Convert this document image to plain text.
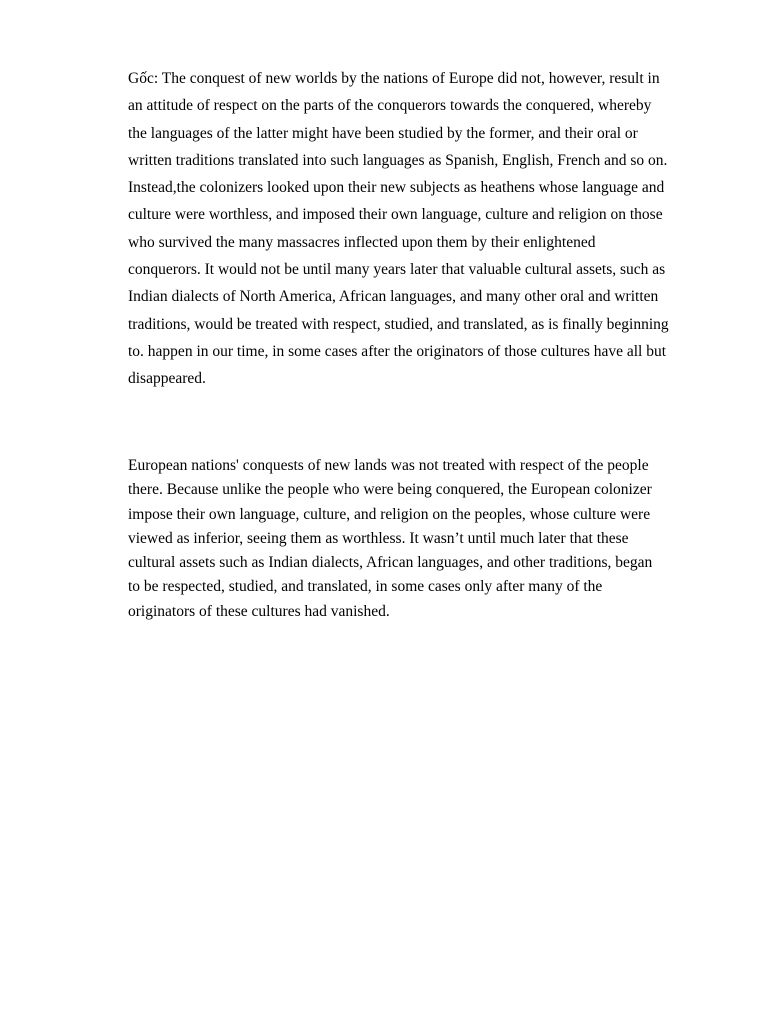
Gốc: The conquest of new worlds by the nations of Europe did not, however, result in
an attitude of respect on the parts of the conquerors towards the conquered, whereby
the languages of the latter might have been studied by the former, and their oral or
written traditions translated into such languages as Spanish, English, French and so on.
Instead,the colonizers looked upon their new subjects as heathens whose language and
culture were worthless, and imposed their own language, culture and religion on those
who survived the many massacres inflected upon them by their enlightened
conquerors. It would not be until many years later that valuable cultural assets, such as
Indian dialects of North America, African languages, and many other oral and written
traditions, would be treated with respect, studied, and translated, as is finally beginning
to. happen in our time, in some cases after the originators of those cultures have all but
disappeared.

European nations' conquests of new lands was not treated with respect of the people
there. Because unlike the people who were being conquered, the European colonizer
impose their own language, culture, and religion on the peoples, whose culture were
viewed as inferior, seeing them as worthless. It wasn’t until much later that these
cultural assets such as Indian dialects, African languages, and other traditions, began
to be respected, studied, and translated, in some cases only after many of the
originators of these cultures had vanished.
